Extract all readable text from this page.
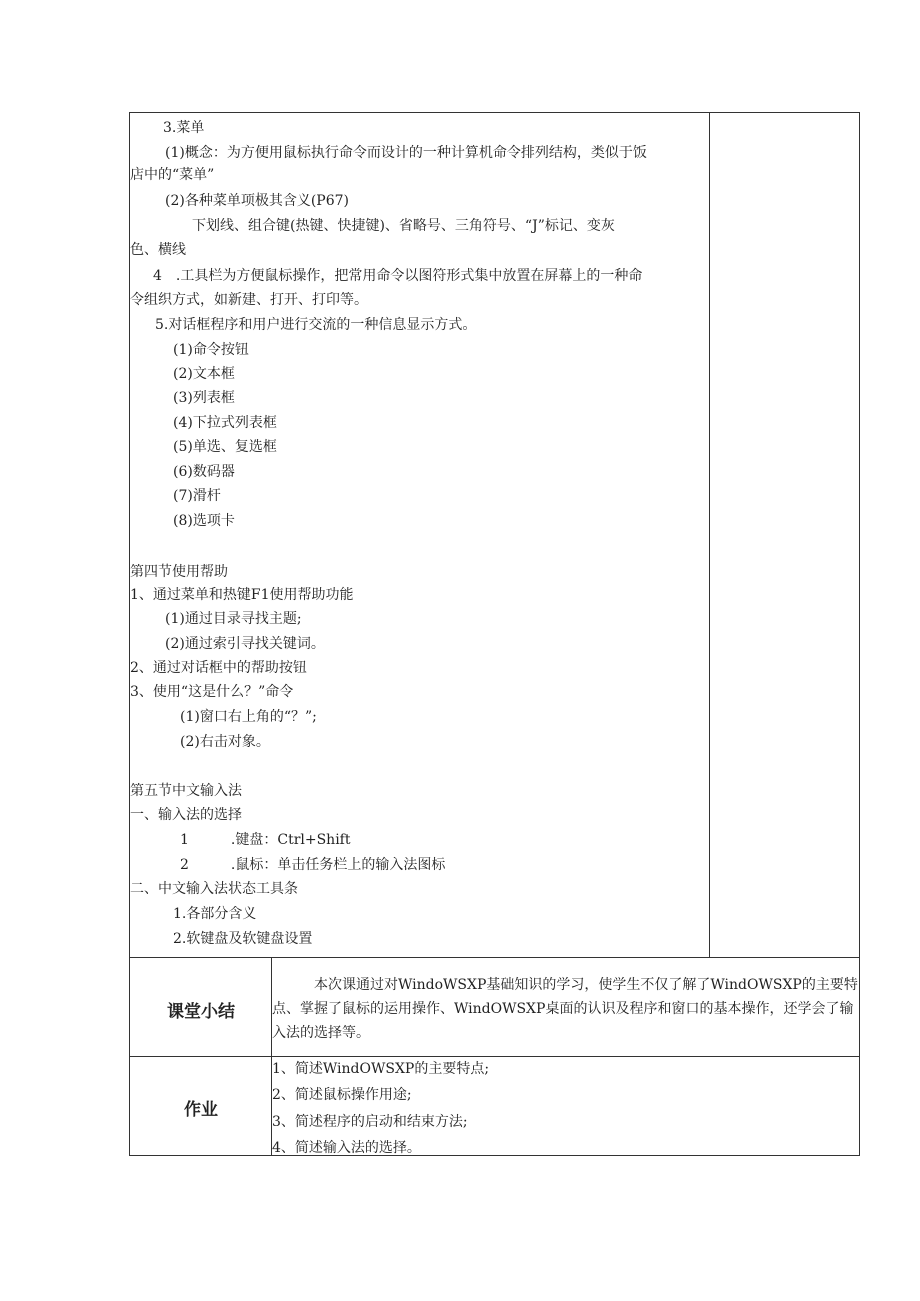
3.菜单
(1)概念：为方便用鼠标执行命令而设计的一种计算机命令排列结构，类似于饭
店中的“菜单”
(2)各种菜单项极其含义(P67)
下划线、组合键(热键、快捷键)、省略号、三角符号、“J”标记、变灰
色、横线
4　.工具栏为方便鼠标操作，把常用命令以图符形式集中放置在屏幕上的一种命
令组织方式，如新建、打开、打印等。
5.对话框程序和用户进行交流的一种信息显示方式。
(1)命令按钮
(2)文本框
(3)列表框
(4)下拉式列表框
(5)单选、复选框
(6)数码器
(7)滑杆
(8)选项卡
第四节使用帮助
1、通过菜单和热键F1使用帮助功能
(1)通过目录寻找主题;
(2)通过索引寻找关键词。
2、通过对话框中的帮助按钮
3、使用“这是什么？”命令
(1)窗口右上角的“？”;
(2)右击对象。
第五节中文输入法
一、输入法的选择
1　　　.键盘：Ctrl+Shift
2　　　.鼠标：单击任务栏上的输入法图标
二、中文输入法状态工具条
1.各部分含义
2.软键盘及软键盘设置
课堂小结
本次课通过对WindoWSXP基础知识的学习，使学生不仅了解了WindOWSXP的主要特点、掌握了鼠标的运用操作、WindOWSXP桌面的认识及程序和窗口的基本操作，还学会了输入法的选择等。
作业
1、简述WindOWSXP的主要特点;
2、简述鼠标操作用途;
3、简述程序的启动和结束方法;
4、简述输入法的选择。
